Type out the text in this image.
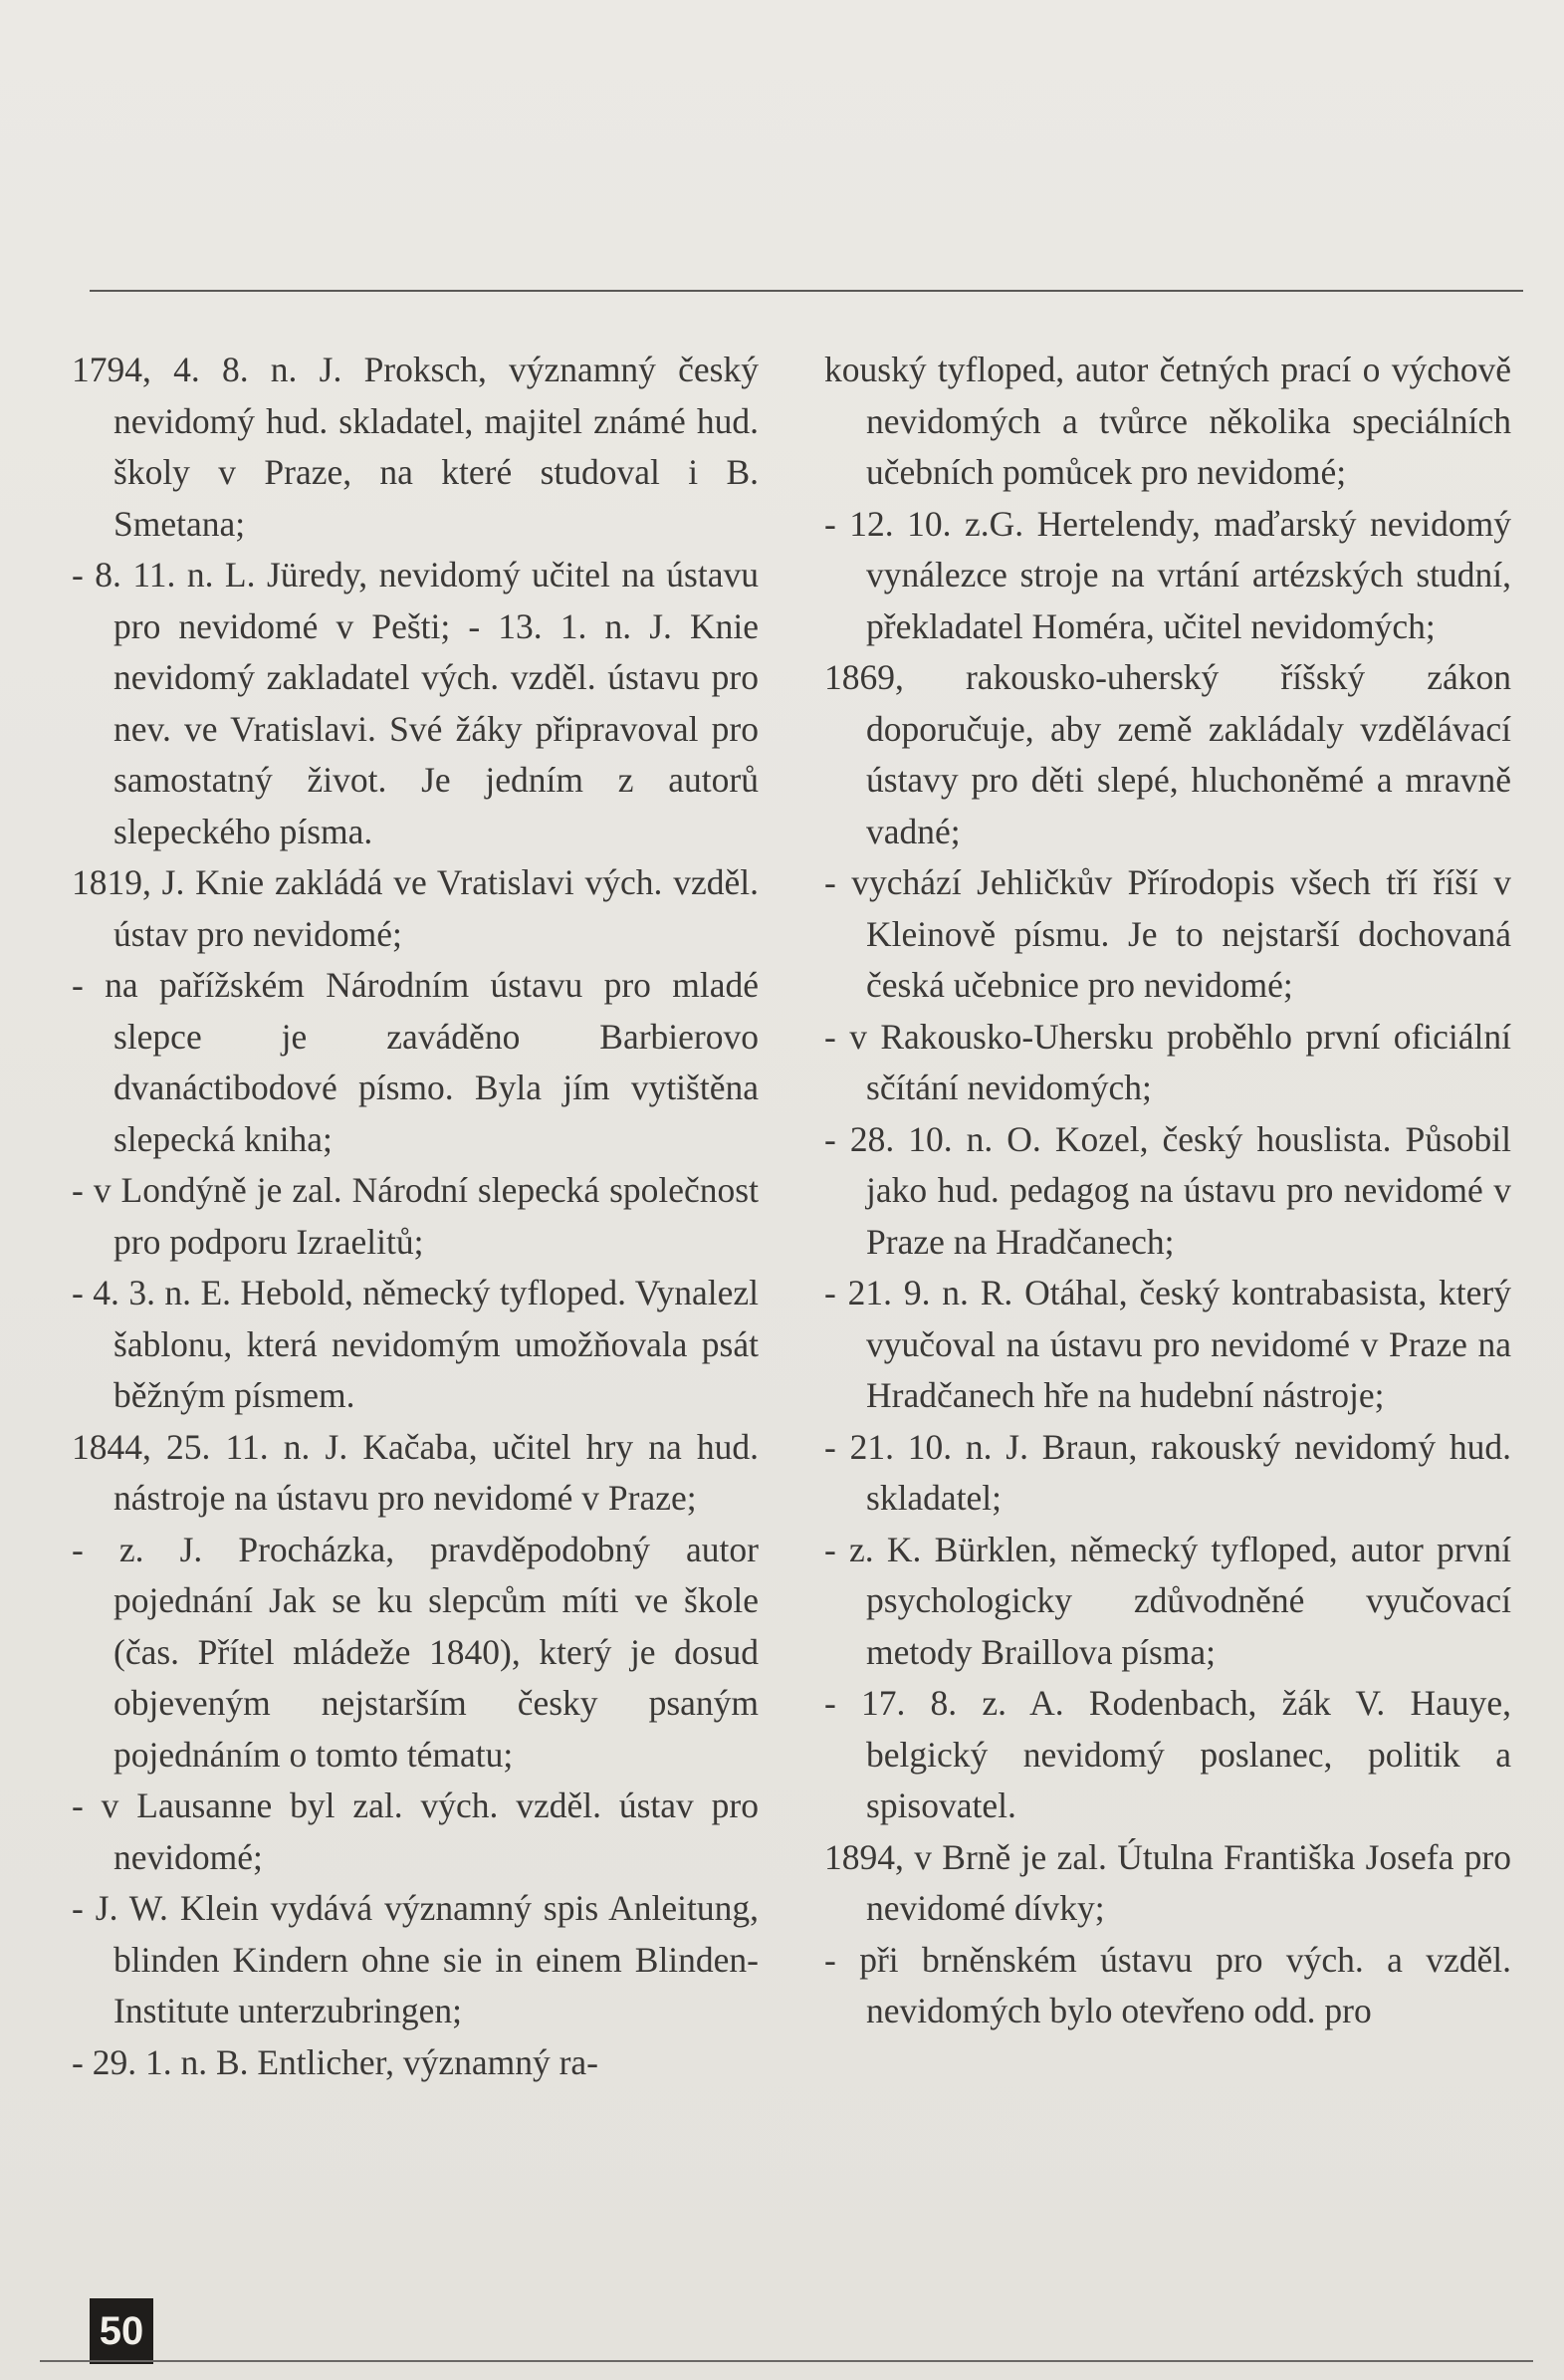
1794, 4. 8. n. J. Proksch, významný český nevidomý hud. skladatel, majitel známé hud. školy v Praze, na které studoval i B. Smetana;

- 8. 11. n. L. Jüredy, nevidomý učitel na ústavu pro nevidomé v Pešti; - 13. 1. n. J. Knie nevidomý zakladatel vých. vzděl. ústavu pro nev. ve Vratislavi. Své žáky připravoval pro samostatný život. Je jedním z autorů slepeckého písma.

1819, J. Knie zakládá ve Vratislavi vých. vzděl. ústav pro nevidomé;

- na pařížském Národním ústavu pro mladé slepce je zaváděno Barbierovo dvanáctibodové písmo. Byla jím vytištěna slepecká kniha;

- v Londýně je zal. Národní slepecká společnost pro podporu Izraelitů;

- 4. 3. n. E. Hebold, německý tyfloped. Vynalezl šablonu, která nevidomým umožňovala psát běžným písmem.

1844, 25. 11. n. J. Kačaba, učitel hry na hud. nástroje na ústavu pro nevidomé v Praze;

- z. J. Procházka, pravděpodobný autor pojednání Jak se ku slepcům míti ve škole (čas. Přítel mládeže 1840), který je dosud objeveným nejstarším česky psaným pojednáním o tomto tématu;

- v Lausanne byl zal. vých. vzděl. ústav pro nevidomé;

- J. W. Klein vydává významný spis Anleitung, blinden Kindern ohne sie in einem Blinden-Institute unterzubringen;

- 29. 1. n. B. Entlicher, významný ra-

kouský tyfloped, autor četných prací o výchově nevidomých a tvůrce několika speciálních učebních pomůcek pro nevidomé;

- 12. 10. z.G. Hertelendy, maďarský nevidomý vynálezce stroje na vrtání artézských studní, překladatel Homéra, učitel nevidomých;

1869, rakousko-uherský říšský zákon doporučuje, aby země zakládaly vzdělávací ústavy pro děti slepé, hluchoněmé a mravně vadné;

- vychází Jehličkův Přírodopis všech tří říší v Kleinově písmu. Je to nejstarší dochovaná česká učebnice pro nevidomé;

- v Rakousko-Uhersku proběhlo první oficiální sčítání nevidomých;

- 28. 10. n. O. Kozel, český houslista. Působil jako hud. pedagog na ústavu pro nevidomé v Praze na Hradčanech;

- 21. 9. n. R. Otáhal, český kontrabasista, který vyučoval na ústavu pro nevidomé v Praze na Hradčanech hře na hudební nástroje;

- 21. 10. n. J. Braun, rakouský nevidomý hud. skladatel;

- z. K. Bürklen, německý tyfloped, autor první psychologicky zdůvodněné vyučovací metody Braillova písma;

- 17. 8. z. A. Rodenbach, žák V. Hauye, belgický nevidomý poslanec, politik a spisovatel.

1894, v Brně je zal. Útulna Františka Josefa pro nevidomé dívky;

- při brněnském ústavu pro vých. a vzděl. nevidomých bylo otevřeno odd. pro

50
